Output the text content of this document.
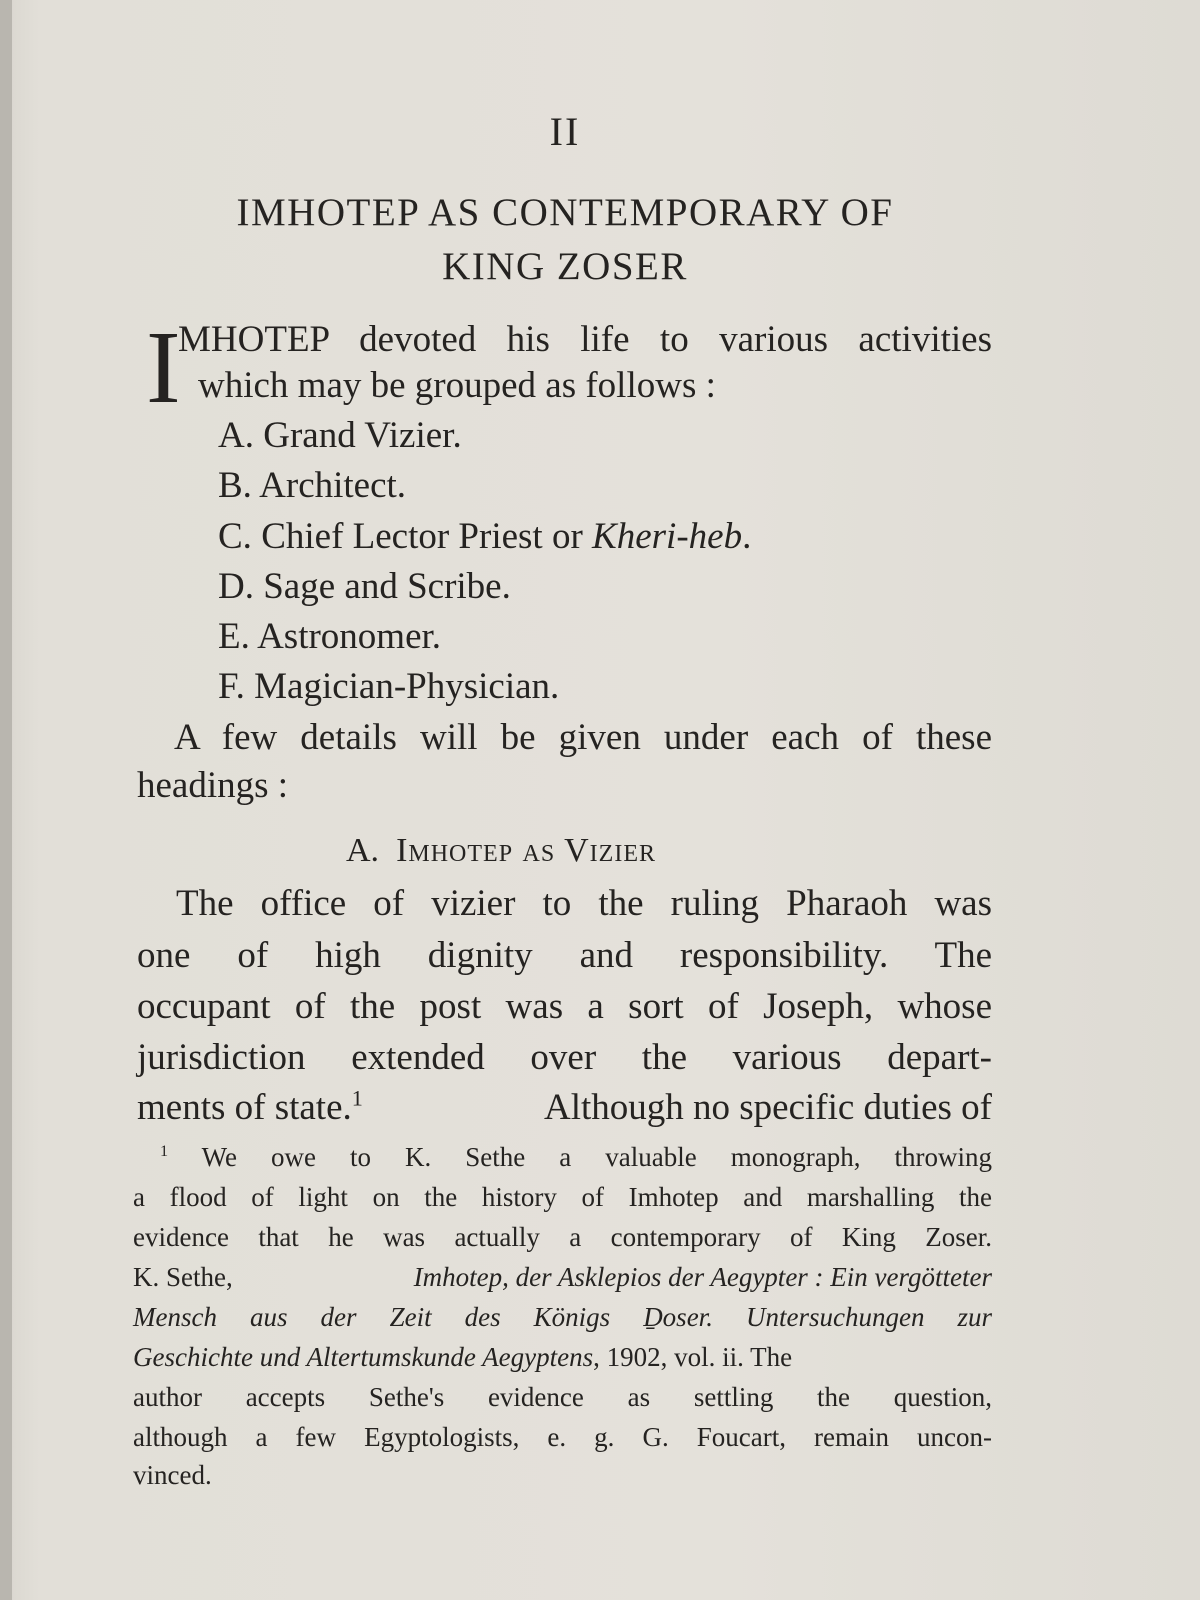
II
IMHOTEP AS CONTEMPORARY OF
KING ZOSER
I
MHOTEP devoted his life to various activities
which may be grouped as follows :
A. Grand Vizier.
B. Architect.
C. Chief Lector Priest or Kheri-heb.
D. Sage and Scribe.
E. Astronomer.
F. Magician-Physician.
A few details will be given under each of these
headings :
A. Imhotep as Vizier
The office of vizier to the ruling Pharaoh was
one of high dignity and responsibility. The
occupant of the post was a sort of Joseph, whose
jurisdiction extended over the various depart-
ments of state.$^1$	Although no specific duties of
$^1$ We owe to K. Sethe a valuable monograph, throwing
a flood of light on the history of Imhotep and marshalling the
evidence that he was actually a contemporary of King Zoser.
K. Sethe,	Imhotep, der Asklepios der Aegypter : Ein vergötteter
Mensch aus der Zeit des Königs Ḏoser. Untersuchungen zur
Geschichte und Altertumskunde Aegyptens, 1902, vol. ii. The
author accepts Sethe's evidence as settling the question,
although a few Egyptologists, e. g. G. Foucart, remain uncon-
vinced.
